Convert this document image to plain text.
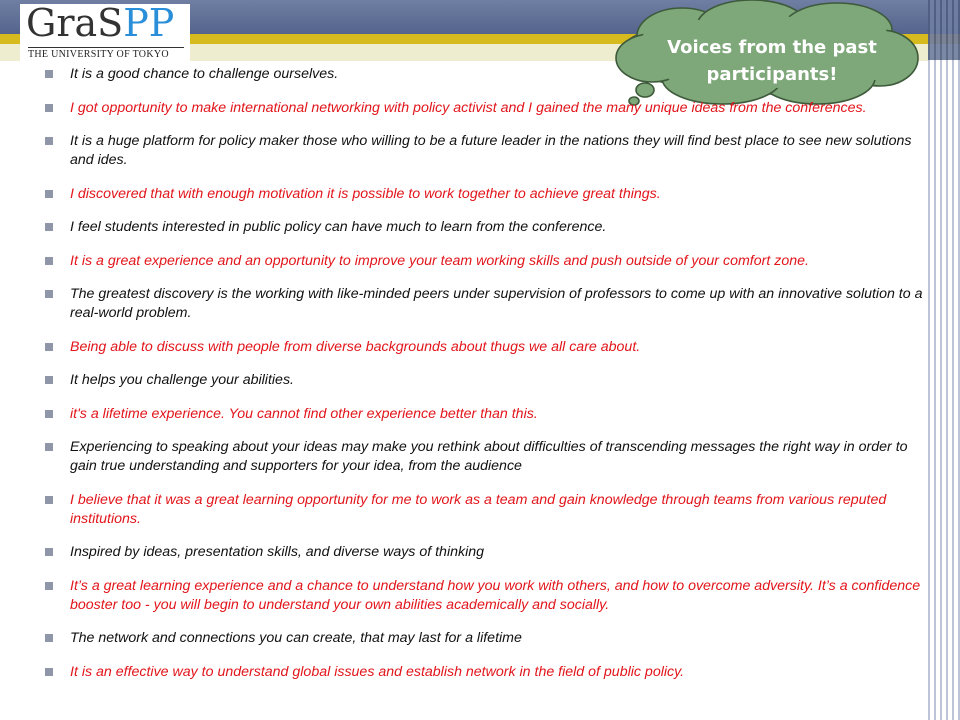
GraSPP
THE UNIVERSITY OF TOKYO	Voices from the past
participants!
It is a good chance to challenge ourselves.
I got opportunity to make international networking with policy activist and I gained the many unique ideas from the conferences.
It is a huge platform for policy maker those who willing to be a future leader in the nations they will find best place to see new solutions and ides.
I discovered that with enough motivation it is possible to work together to achieve great things.
I feel students interested in public policy can have much to learn from the conference.
It is a great experience and an opportunity to improve your team working skills and push outside of your comfort zone.
The greatest discovery is the working with like-minded peers under supervision of professors to come up with an innovative solution to a real-world problem.
Being able to discuss with people from diverse backgrounds about thugs we all care about.
It helps you challenge your abilities.
it's a lifetime experience. You cannot find other experience better than this.
Experiencing to speaking about your ideas may make you rethink about difficulties of transcending messages the right way in order to gain true understanding and supporters for your idea, from the audience
I believe that it was a great learning opportunity for me to work as a team and gain knowledge through teams from various reputed institutions.
Inspired by ideas, presentation skills, and diverse ways of thinking
It’s a great learning experience and a chance to understand how you work with others, and how to overcome adversity. It’s a confidence booster too - you will begin to understand your own abilities academically and socially.
The network and connections you can create, that may last for a lifetime
It is an effective way to understand global issues and establish network in the field of public policy.
